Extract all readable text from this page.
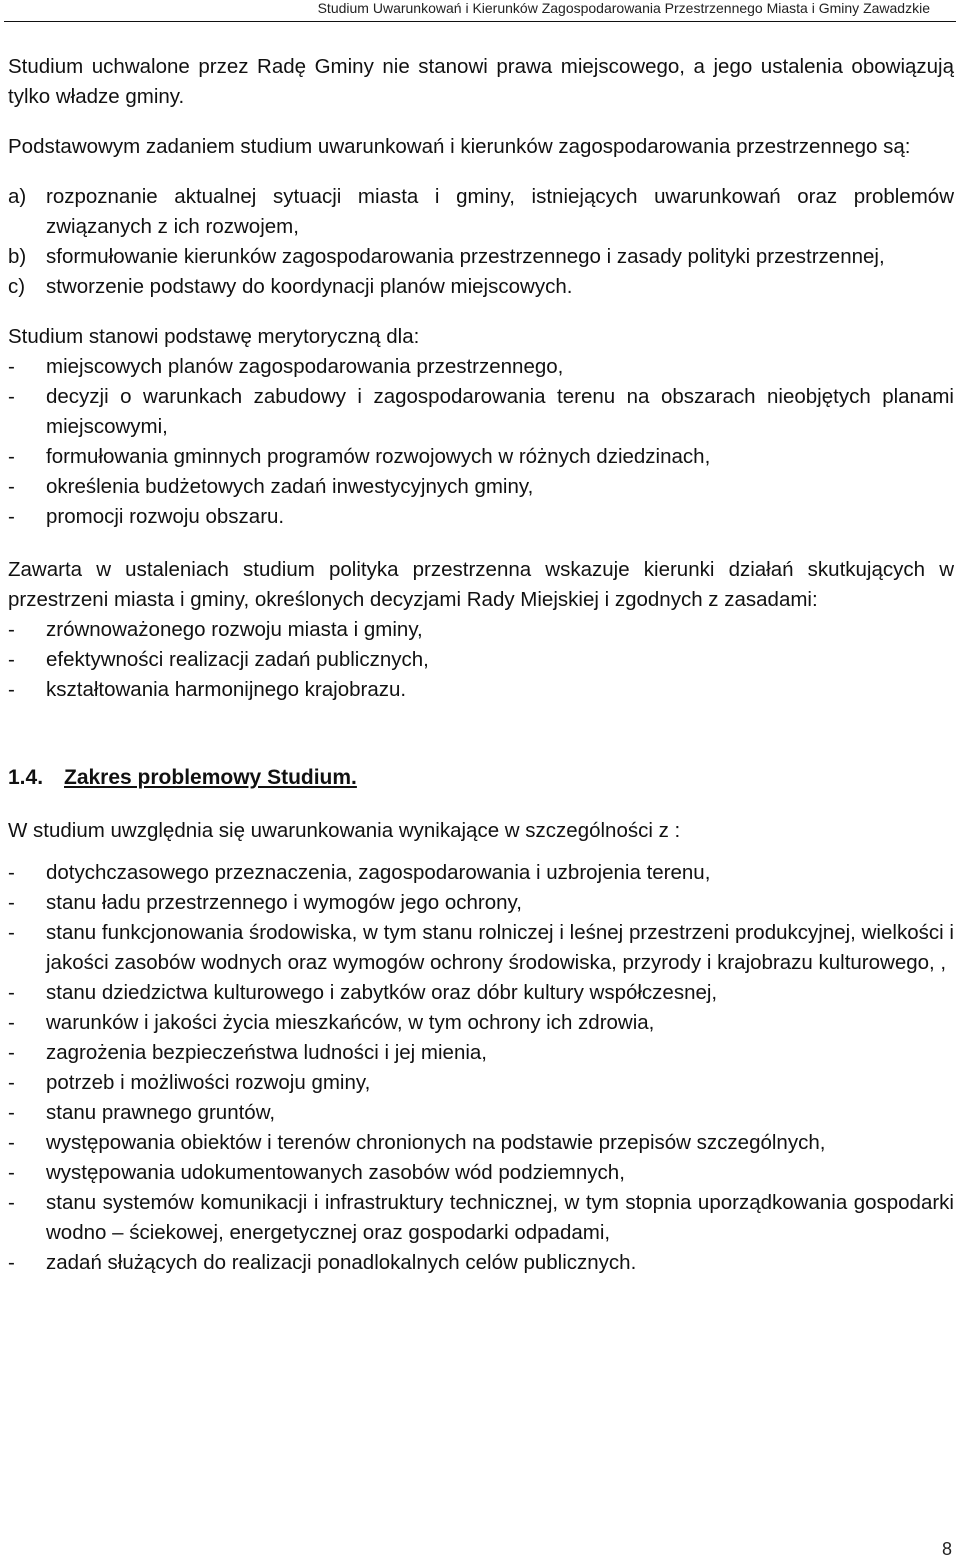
Studium Uwarunkowań i Kierunków Zagospodarowania Przestrzennego Miasta i Gminy Zawadzkie

Studium uchwalone przez Radę Gminy nie stanowi prawa miejscowego, a jego ustalenia obowiązują tylko władze gminy.

Podstawowym zadaniem studium uwarunkowań i kierunków zagospodarowania przestrzennego są:

a) rozpoznanie aktualnej sytuacji miasta i gminy, istniejących uwarunkowań oraz problemów związanych z ich rozwojem,
b) sformułowanie kierunków zagospodarowania przestrzennego i zasady polityki przestrzennej,
c)	stworzenie podstawy do koordynacji planów miejscowych.

Studium stanowi podstawę merytoryczną dla:

-	miejscowych planów zagospodarowania przestrzennego,
-	decyzji o warunkach zabudowy i zagospodarowania terenu na obszarach nieobjętych planami miejscowymi,
-	formułowania gminnych programów rozwojowych w różnych dziedzinach,
-	określenia budżetowych zadań inwestycyjnych gminy,
-	promocji rozwoju obszaru.

Zawarta w ustaleniach studium polityka przestrzenna wskazuje kierunki działań skutkujących w przestrzeni miasta i gminy, określonych decyzjami Rady Miejskiej i zgodnych z zasadami:

-	zrównoważonego rozwoju miasta i gminy,
-	efektywności realizacji zadań publicznych,
-	kształtowania harmonijnego krajobrazu.
1.4. Zakres problemowy Studium.

W studium uwzględnia się uwarunkowania wynikające w szczególności z :

-	dotychczasowego przeznaczenia, zagospodarowania i uzbrojenia terenu,
-	stanu ładu przestrzennego i wymogów jego ochrony,
-	stanu funkcjonowania środowiska, w tym stanu rolniczej i leśnej przestrzeni produkcyjnej, wielkości i jakości zasobów wodnych oraz wymogów ochrony środowiska, przyrody i krajobrazu kulturowego, ,
-	stanu dziedzictwa kulturowego i zabytków oraz dóbr kultury współczesnej,
-	warunków i jakości życia mieszkańców, w tym ochrony ich zdrowia,
-	zagrożenia bezpieczeństwa ludności i jej mienia,
-	potrzeb i możliwości rozwoju gminy,
-	stanu prawnego gruntów,
-	występowania obiektów i terenów chronionych na podstawie przepisów szczególnych,
-	występowania udokumentowanych zasobów wód podziemnych,
-	stanu systemów komunikacji i infrastruktury technicznej, w tym stopnia uporządkowania gospodarki wodno – ściekowej, energetycznej oraz gospodarki odpadami,
-	zadań służących do realizacji ponadlokalnych celów publicznych.
8
